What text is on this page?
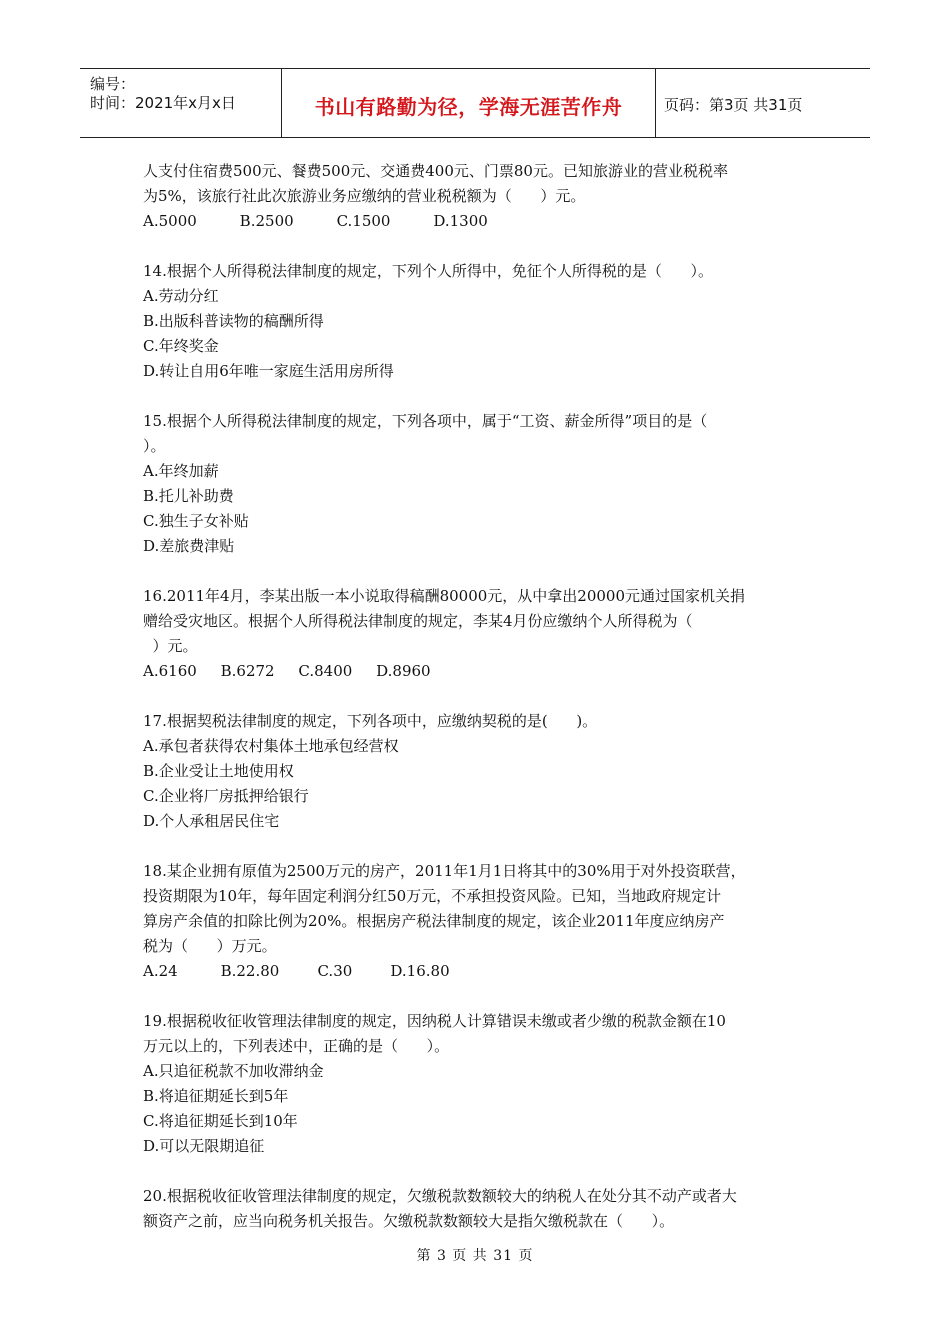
编号：
时间：2021年x月x日	书山有路勤为径，学海无涯苦作舟	页码：第3页 共31页

人支付住宿费500元、餐费500元、交通费400元、门票80元。已知旅游业的营业税税率

为5%，该旅行社此次旅游业务应缴纳的营业税税额为（      ）元。

A.5000         B.2500         C.1500         D.1300

14.根据个人所得税法律制度的规定，下列个人所得中，免征个人所得税的是（      ）。

A.劳动分红

B.出版科普读物的稿酬所得

C.年终奖金

D.转让自用6年唯一家庭生活用房所得

15.根据个人所得税法律制度的规定，下列各项中，属于“工资、薪金所得”项目的是（

）。

A.年终加薪

B.托儿补助费

C.独生子女补贴

D.差旅费津贴

16.2011年4月，李某出版一本小说取得稿酬80000元，从中拿出20000元通过国家机关捐

赠给受灾地区。根据个人所得税法律制度的规定，李某4月份应缴纳个人所得税为（

）元。

A.6160     B.6272     C.8400     D.8960

17.根据契税法律制度的规定，下列各项中，应缴纳契税的是(      )。

A.承包者获得农村集体土地承包经营权

B.企业受让土地使用权

C.企业将厂房抵押给银行

D.个人承租居民住宅

18.某企业拥有原值为2500万元的房产，2011年1月1日将其中的30%用于对外投资联营，

投资期限为10年，每年固定利润分红50万元，不承担投资风险。已知，当地政府规定计

算房产余值的扣除比例为20%。根据房产税法律制度的规定，该企业2011年度应纳房产

税为（      ）万元。

A.24         B.22.80        C.30        D.16.80

19.根据税收征收管理法律制度的规定，因纳税人计算错误未缴或者少缴的税款金额在10

万元以上的，下列表述中，正确的是（      ）。

A.只追征税款不加收滞纳金

B.将追征期延长到5年

C.将追征期延长到10年

D.可以无限期追征

20.根据税收征收管理法律制度的规定，欠缴税款数额较大的纳税人在处分其不动产或者大

额资产之前，应当向税务机关报告。欠缴税款数额较大是指欠缴税款在（      ）。

第 3 页 共 31 页
